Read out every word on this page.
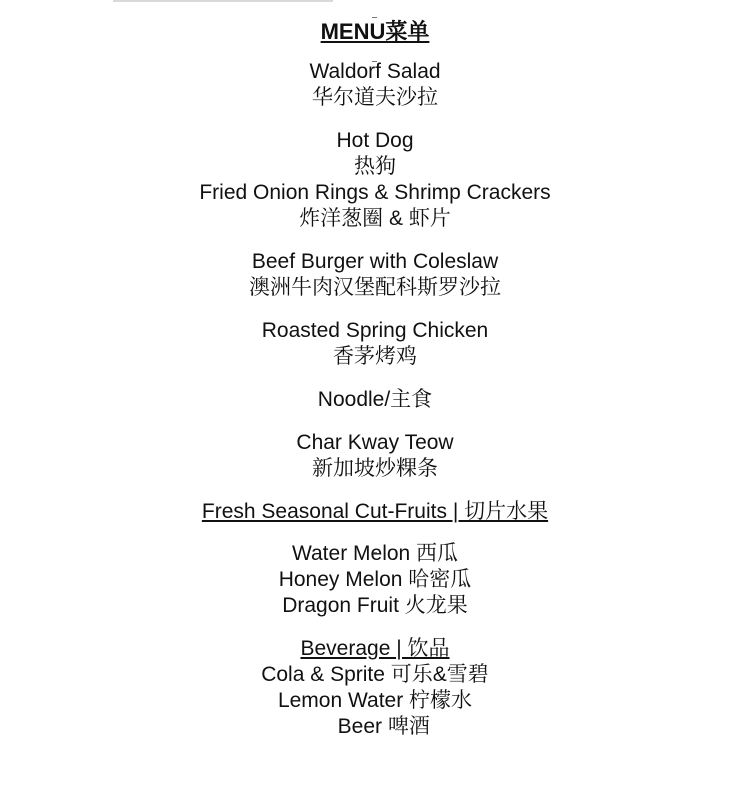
MENU菜单
Waldorf Salad
华尔道夫沙拉
Hot Dog
热狗
Fried Onion Rings & Shrimp Crackers
炸洋葱圈 & 虾片
Beef Burger with Coleslaw
澳洲牛肉汉堡配科斯罗沙拉
Roasted Spring Chicken
香茅烤鸡
Noodle/主食
Char Kway Teow
新加坡炒粿条
Fresh Seasonal Cut-Fruits | 切片水果
Water Melon 西瓜
Honey Melon 哈密瓜
Dragon Fruit 火龙果
Beverage | 饮品
Cola & Sprite 可乐&雪碧
Lemon Water 柠檬水
Beer 啤酒
